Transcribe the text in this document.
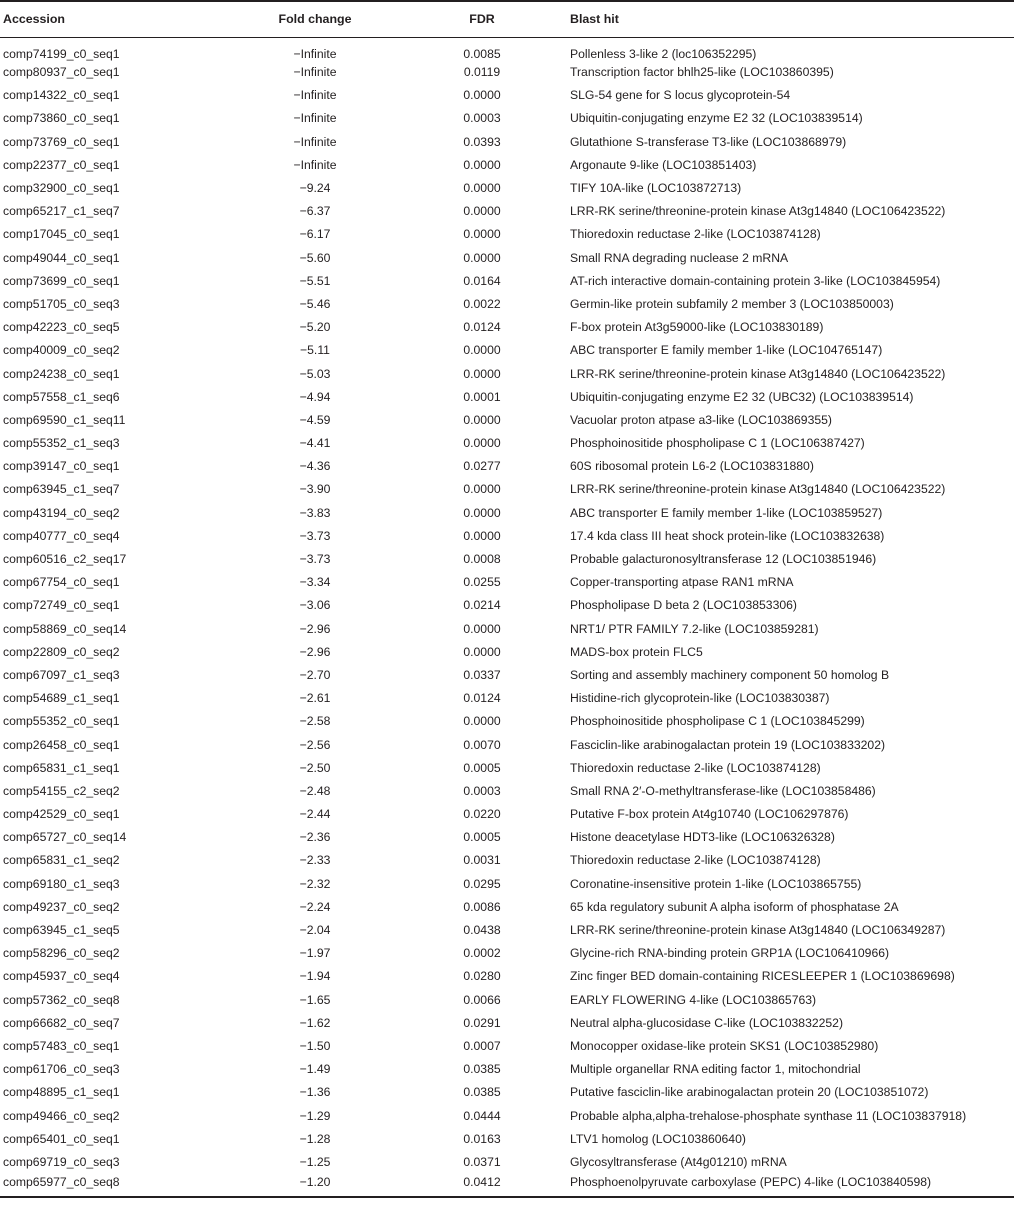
Accession	Fold change	FDR	Blast hit
comp74199_c0_seq1	−Infinite	0.0085	Pollenless 3-like 2 (loc106352295)
comp80937_c0_seq1	−Infinite	0.0119	Transcription factor bhlh25-like (LOC103860395)
comp14322_c0_seq1	−Infinite	0.0000	SLG-54 gene for S locus glycoprotein-54
comp73860_c0_seq1	−Infinite	0.0003	Ubiquitin-conjugating enzyme E2 32 (LOC103839514)
comp73769_c0_seq1	−Infinite	0.0393	Glutathione S-transferase T3-like (LOC103868979)
comp22377_c0_seq1	−Infinite	0.0000	Argonaute 9-like (LOC103851403)
comp32900_c0_seq1	−9.24	0.0000	TIFY 10A-like (LOC103872713)
comp65217_c1_seq7	−6.37	0.0000	LRR-RK serine/threonine-protein kinase At3g14840 (LOC106423522)
comp17045_c0_seq1	−6.17	0.0000	Thioredoxin reductase 2-like (LOC103874128)
comp49044_c0_seq1	−5.60	0.0000	Small RNA degrading nuclease 2 mRNA
comp73699_c0_seq1	−5.51	0.0164	AT-rich interactive domain-containing protein 3-like (LOC103845954)
comp51705_c0_seq3	−5.46	0.0022	Germin-like protein subfamily 2 member 3 (LOC103850003)
comp42223_c0_seq5	−5.20	0.0124	F-box protein At3g59000-like (LOC103830189)
comp40009_c0_seq2	−5.11	0.0000	ABC transporter E family member 1-like (LOC104765147)
comp24238_c0_seq1	−5.03	0.0000	LRR-RK serine/threonine-protein kinase At3g14840 (LOC106423522)
comp57558_c1_seq6	−4.94	0.0001	Ubiquitin-conjugating enzyme E2 32 (UBC32) (LOC103839514)
comp69590_c1_seq11	−4.59	0.0000	Vacuolar proton atpase a3-like (LOC103869355)
comp55352_c1_seq3	−4.41	0.0000	Phosphoinositide phospholipase C 1 (LOC106387427)
comp39147_c0_seq1	−4.36	0.0277	60S ribosomal protein L6-2 (LOC103831880)
comp63945_c1_seq7	−3.90	0.0000	LRR-RK serine/threonine-protein kinase At3g14840 (LOC106423522)
comp43194_c0_seq2	−3.83	0.0000	ABC transporter E family member 1-like (LOC103859527)
comp40777_c0_seq4	−3.73	0.0000	17.4 kda class III heat shock protein-like (LOC103832638)
comp60516_c2_seq17	−3.73	0.0008	Probable galacturonosyltransferase 12 (LOC103851946)
comp67754_c0_seq1	−3.34	0.0255	Copper-transporting atpase RAN1 mRNA
comp72749_c0_seq1	−3.06	0.0214	Phospholipase D beta 2 (LOC103853306)
comp58869_c0_seq14	−2.96	0.0000	NRT1/ PTR FAMILY 7.2-like (LOC103859281)
comp22809_c0_seq2	−2.96	0.0000	MADS-box protein FLC5
comp67097_c1_seq3	−2.70	0.0337	Sorting and assembly machinery component 50 homolog B
comp54689_c1_seq1	−2.61	0.0124	Histidine-rich glycoprotein-like (LOC103830387)
comp55352_c0_seq1	−2.58	0.0000	Phosphoinositide phospholipase C 1 (LOC103845299)
comp26458_c0_seq1	−2.56	0.0070	Fasciclin-like arabinogalactan protein 19 (LOC103833202)
comp65831_c1_seq1	−2.50	0.0005	Thioredoxin reductase 2-like (LOC103874128)
comp54155_c2_seq2	−2.48	0.0003	Small RNA 2′-O-methyltransferase-like (LOC103858486)
comp42529_c0_seq1	−2.44	0.0220	Putative F-box protein At4g10740 (LOC106297876)
comp65727_c0_seq14	−2.36	0.0005	Histone deacetylase HDT3-like (LOC106326328)
comp65831_c1_seq2	−2.33	0.0031	Thioredoxin reductase 2-like (LOC103874128)
comp69180_c1_seq3	−2.32	0.0295	Coronatine-insensitive protein 1-like (LOC103865755)
comp49237_c0_seq2	−2.24	0.0086	65 kda regulatory subunit A alpha isoform of phosphatase 2A
comp63945_c1_seq5	−2.04	0.0438	LRR-RK serine/threonine-protein kinase At3g14840 (LOC106349287)
comp58296_c0_seq2	−1.97	0.0002	Glycine-rich RNA-binding protein GRP1A (LOC106410966)
comp45937_c0_seq4	−1.94	0.0280	Zinc finger BED domain-containing RICESLEEPER 1 (LOC103869698)
comp57362_c0_seq8	−1.65	0.0066	EARLY FLOWERING 4-like (LOC103865763)
comp66682_c0_seq7	−1.62	0.0291	Neutral alpha-glucosidase C-like (LOC103832252)
comp57483_c0_seq1	−1.50	0.0007	Monocopper oxidase-like protein SKS1 (LOC103852980)
comp61706_c0_seq3	−1.49	0.0385	Multiple organellar RNA editing factor 1, mitochondrial
comp48895_c1_seq1	−1.36	0.0385	Putative fasciclin-like arabinogalactan protein 20 (LOC103851072)
comp49466_c0_seq2	−1.29	0.0444	Probable alpha,alpha-trehalose-phosphate synthase 11 (LOC103837918)
comp65401_c0_seq1	−1.28	0.0163	LTV1 homolog (LOC103860640)
comp69719_c0_seq3	−1.25	0.0371	Glycosyltransferase (At4g01210) mRNA
comp65977_c0_seq8	−1.20	0.0412	Phosphoenolpyruvate carboxylase (PEPC) 4-like (LOC103840598)
